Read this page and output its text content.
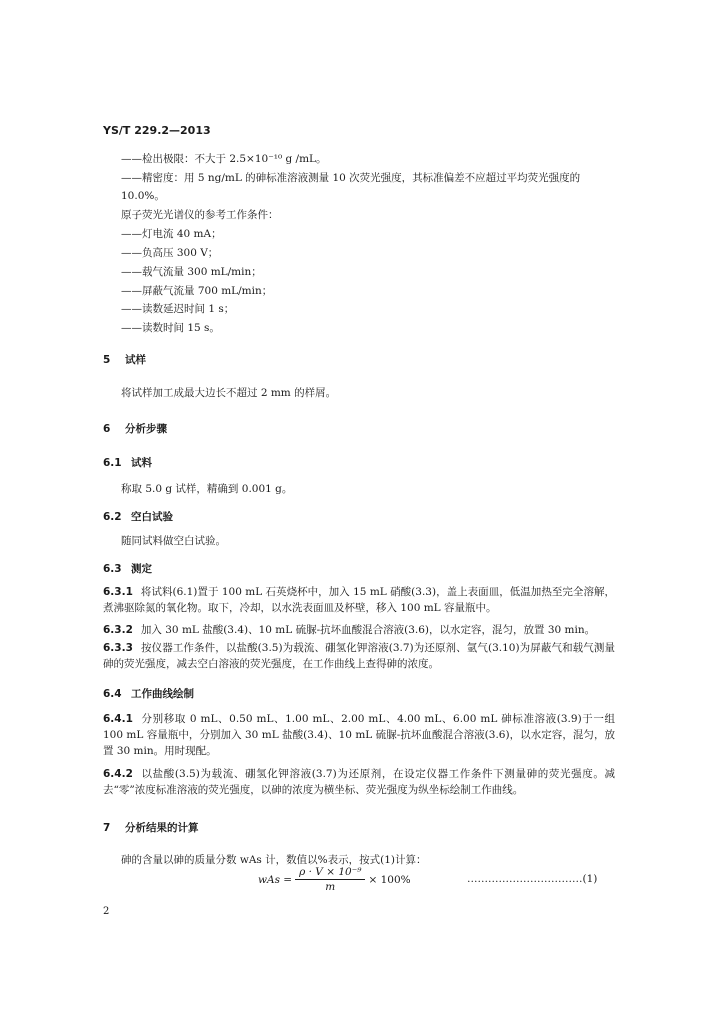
YS/T 229.2—2013
——检出极限：不大于 2.5×10⁻¹⁰ g /mL。
——精密度：用 5 ng/mL 的砷标准溶液测量 10 次荧光强度，其标准偏差不应超过平均荧光强度的
10.0%。
原子荧光光谱仪的参考工作条件：
——灯电流 40 mA；
——负高压 300 V；
——载气流量 300 mL/min；
——屏蔽气流量 700 mL/min；
——读数延迟时间 1 s；
——读数时间 15 s。
5 试样
将试样加工成最大边长不超过 2 mm 的样屑。
6 分析步骤
6.1 试料
称取 5.0 g 试样，精确到 0.001 g。
6.2 空白试验
随同试料做空白试验。
6.3 测定
6.3.1 将试料(6.1)置于 100 mL 石英烧杯中，加入 15 mL 硝酸(3.3)，盖上表面皿，低温加热至完全溶解，煮沸驱除氮的氧化物。取下，冷却，以水洗表面皿及杯壁，移入 100 mL 容量瓶中。
6.3.2 加入 30 mL 盐酸(3.4)、10 mL 硫脲-抗坏血酸混合溶液(3.6)，以水定容，混匀，放置 30 min。
6.3.3 按仪器工作条件，以盐酸(3.5)为载流、硼氢化钾溶液(3.7)为还原剂、氩气(3.10)为屏蔽气和载气测量砷的荧光强度，减去空白溶液的荧光强度，在工作曲线上查得砷的浓度。
6.4 工作曲线绘制
6.4.1 分别移取 0 mL、0.50 mL、1.00 mL、2.00 mL、4.00 mL、6.00 mL 砷标准溶液(3.9)于一组 100 mL 容量瓶中，分别加入 30 mL 盐酸(3.4)、10 mL 硫脲-抗坏血酸混合溶液(3.6)，以水定容，混匀，放置 30 min。用时现配。
6.4.2 以盐酸(3.5)为载流、硼氢化钾溶液(3.7)为还原剂，在设定仪器工作条件下测量砷的荧光强度。减去“零”浓度标准溶液的荧光强度，以砷的浓度为横坐标、荧光强度为纵坐标绘制工作曲线。
7 分析结果的计算
砷的含量以砷的质量分数 wAs 计，数值以%表示，按式(1)计算：
wAs = $\frac{\text{ρ · V × 10⁻⁹}}{m} \times 100\%$	……………………………(1)
2
